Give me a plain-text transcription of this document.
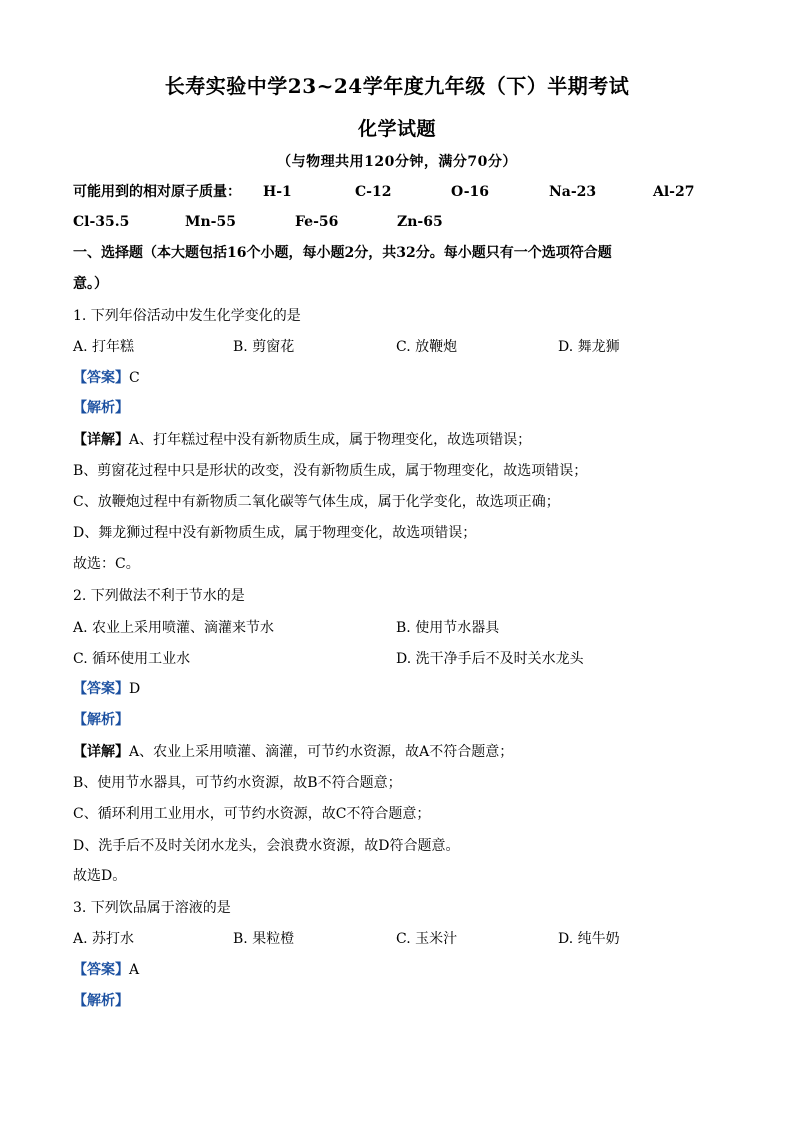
长寿实验中学23~24学年度九年级（下）半期考试
化学试题
（与物理共用120分钟，满分70分）
可能用到的相对原子质量： H-1	C-12	O-16	Na-23	Al-27
Cl-35.5	Mn-55	Fe-56	Zn-65
一、选择题（本大题包括16个小题，每小题2分，共32分。每小题只有一个选项符合题
意。）
1. 下列年俗活动中发生化学变化的是
A. 打年糕	B. 剪窗花	C. 放鞭炮	D. 舞龙狮
【答案】C
【解析】
【详解】A、打年糕过程中没有新物质生成，属于物理变化，故选项错误；
B、剪窗花过程中只是形状的改变，没有新物质生成，属于物理变化，故选项错误；
C、放鞭炮过程中有新物质二氧化碳等气体生成，属于化学变化，故选项正确；
D、舞龙狮过程中没有新物质生成，属于物理变化，故选项错误；
故选：C。
2. 下列做法不利于节水的是
A. 农业上采用喷灌、滴灌来节水	B. 使用节水器具
C. 循环使用工业水	D. 洗干净手后不及时关水龙头
【答案】D
【解析】
【详解】A、农业上采用喷灌、滴灌，可节约水资源，故A不符合题意；
B、使用节水器具，可节约水资源，故B不符合题意；
C、循环利用工业用水，可节约水资源，故C不符合题意；
D、洗手后不及时关闭水龙头，会浪费水资源，故D符合题意。
故选D。
3. 下列饮品属于溶液的是
A. 苏打水	B. 果粒橙	C. 玉米汁	D. 纯牛奶
【答案】A
【解析】
